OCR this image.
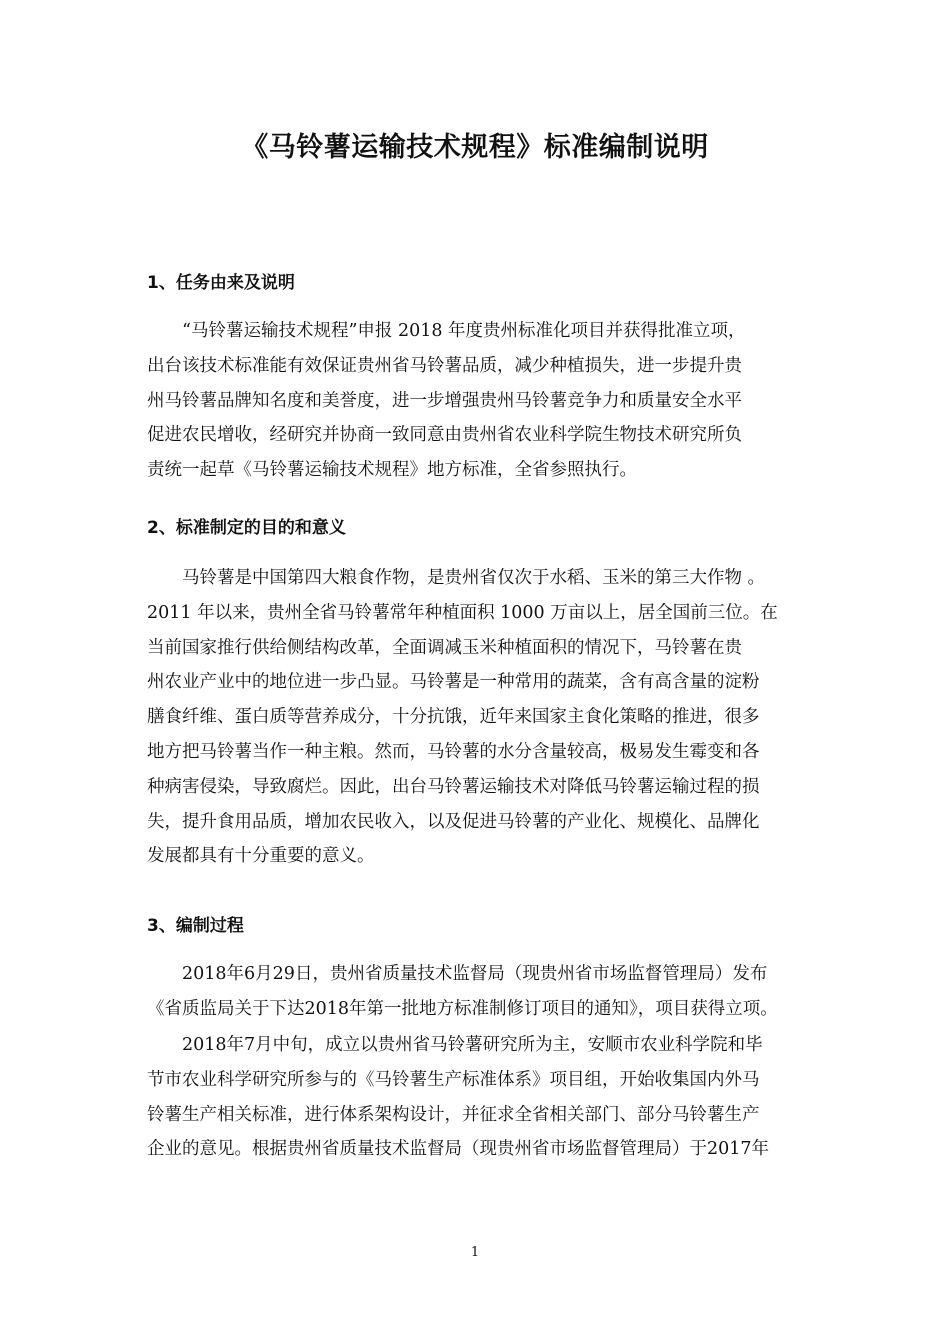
《马铃薯运输技术规程》标准编制说明
1、任务由来及说明

　　“马铃薯运输技术规程”申报 2018 年度贵州标准化项目并获得批准立项，
出台该技术标准能有效保证贵州省马铃薯品质，减少种植损失，进一步提升贵
州马铃薯品牌知名度和美誉度，进一步增强贵州马铃薯竞争力和质量安全水平
促进农民增收，经研究并协商一致同意由贵州省农业科学院生物技术研究所负
责统一起草《马铃薯运输技术规程》地方标准，全省参照执行。

2、标准制定的目的和意义

　　马铃薯是中国第四大粮食作物，是贵州省仅次于水稻、玉米的第三大作物 。
2011 年以来，贵州全省马铃薯常年种植面积 1000 万亩以上，居全国前三位。在
当前国家推行供给侧结构改革，全面调减玉米种植面积的情况下，马铃薯在贵
州农业产业中的地位进一步凸显。马铃薯是一种常用的蔬菜，含有高含量的淀粉
膳食纤维、蛋白质等营养成分，十分抗饿，近年来国家主食化策略的推进，很多
地方把马铃薯当作一种主粮。然而，马铃薯的水分含量较高，极易发生霉变和各
种病害侵染，导致腐烂。因此，出台马铃薯运输技术对降低马铃薯运输过程的损
失，提升食用品质，增加农民收入，以及促进马铃薯的产业化、规模化、品牌化
发展都具有十分重要的意义。

3、编制过程

　　2018年6月29日，贵州省质量技术监督局（现贵州省市场监督管理局）发布
《省质监局关于下达2018年第一批地方标准制修订项目的通知》，项目获得立项。

　　2018年7月中旬，成立以贵州省马铃薯研究所为主，安顺市农业科学院和毕
节市农业科学研究所参与的《马铃薯生产标准体系》项目组，开始收集国内外马
铃薯生产相关标准，进行体系架构设计，并征求全省相关部门、部分马铃薯生产
企业的意见。根据贵州省质量技术监督局（现贵州省市场监督管理局）于2017年

1
